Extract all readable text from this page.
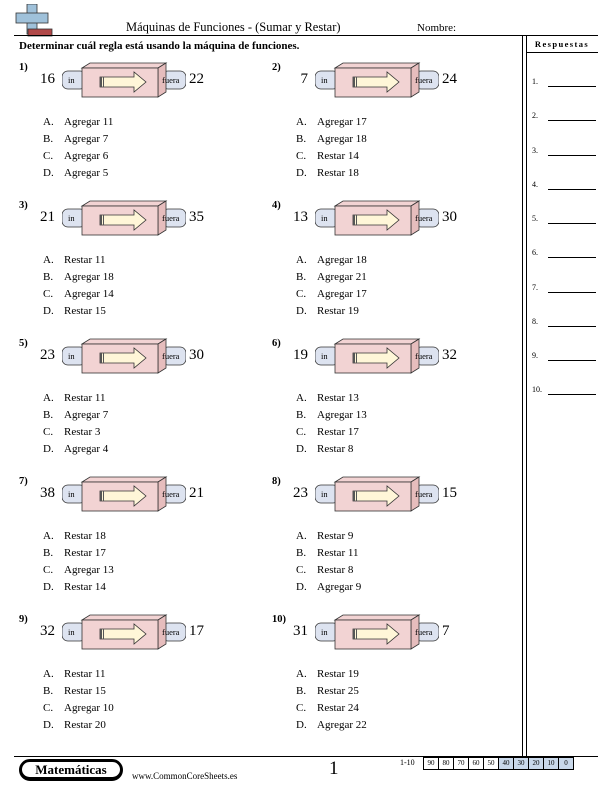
Máquinas de Funciones - (Sumar y Restar)	Nombre:
Determinar cuál regla está usando la máquina de funciones.	Respuestas
1.
2.
3.
4.
5.
6.
7.
8.
9.
10.
1)
16 in	fuera 22
A. Agregar 11
B. Agregar 7
C. Agregar 6
D. Agregar 5
2)
7 in	fuera 24
A. Agregar 17
B. Agregar 18
C. Restar 14
D. Restar 18
3)
21 in	fuera 35
A. Restar 11
B. Agregar 18
C. Agregar 14
D. Restar 15
4)
13 in	fuera 30
A. Agregar 18
B. Agregar 21
C. Agregar 17
D. Restar 19
5)
23 in	fuera 30
A. Restar 11
B. Agregar 7
C. Restar 3
D. Agregar 4
6)
19 in	fuera 32
A. Restar 13
B. Agregar 13
C. Restar 17
D. Restar 8
7)
38 in	fuera 21
A. Restar 18
B. Restar 17
C. Agregar 13
D. Restar 14
8)
23 in	fuera 15
A. Restar 9
B. Restar 11
C. Restar 8
D. Agregar 9
9)
32 in	fuera 17
A. Restar 11
B. Restar 15
C. Agregar 10
D. Restar 20
10)
31 in	fuera 7
A. Restar 19
B. Restar 25
C. Restar 24
D. Agregar 22
Matemáticas	www.CommonCoreSheets.es	1	1-10	90	80	70	60	50	40	30	20	10	0
